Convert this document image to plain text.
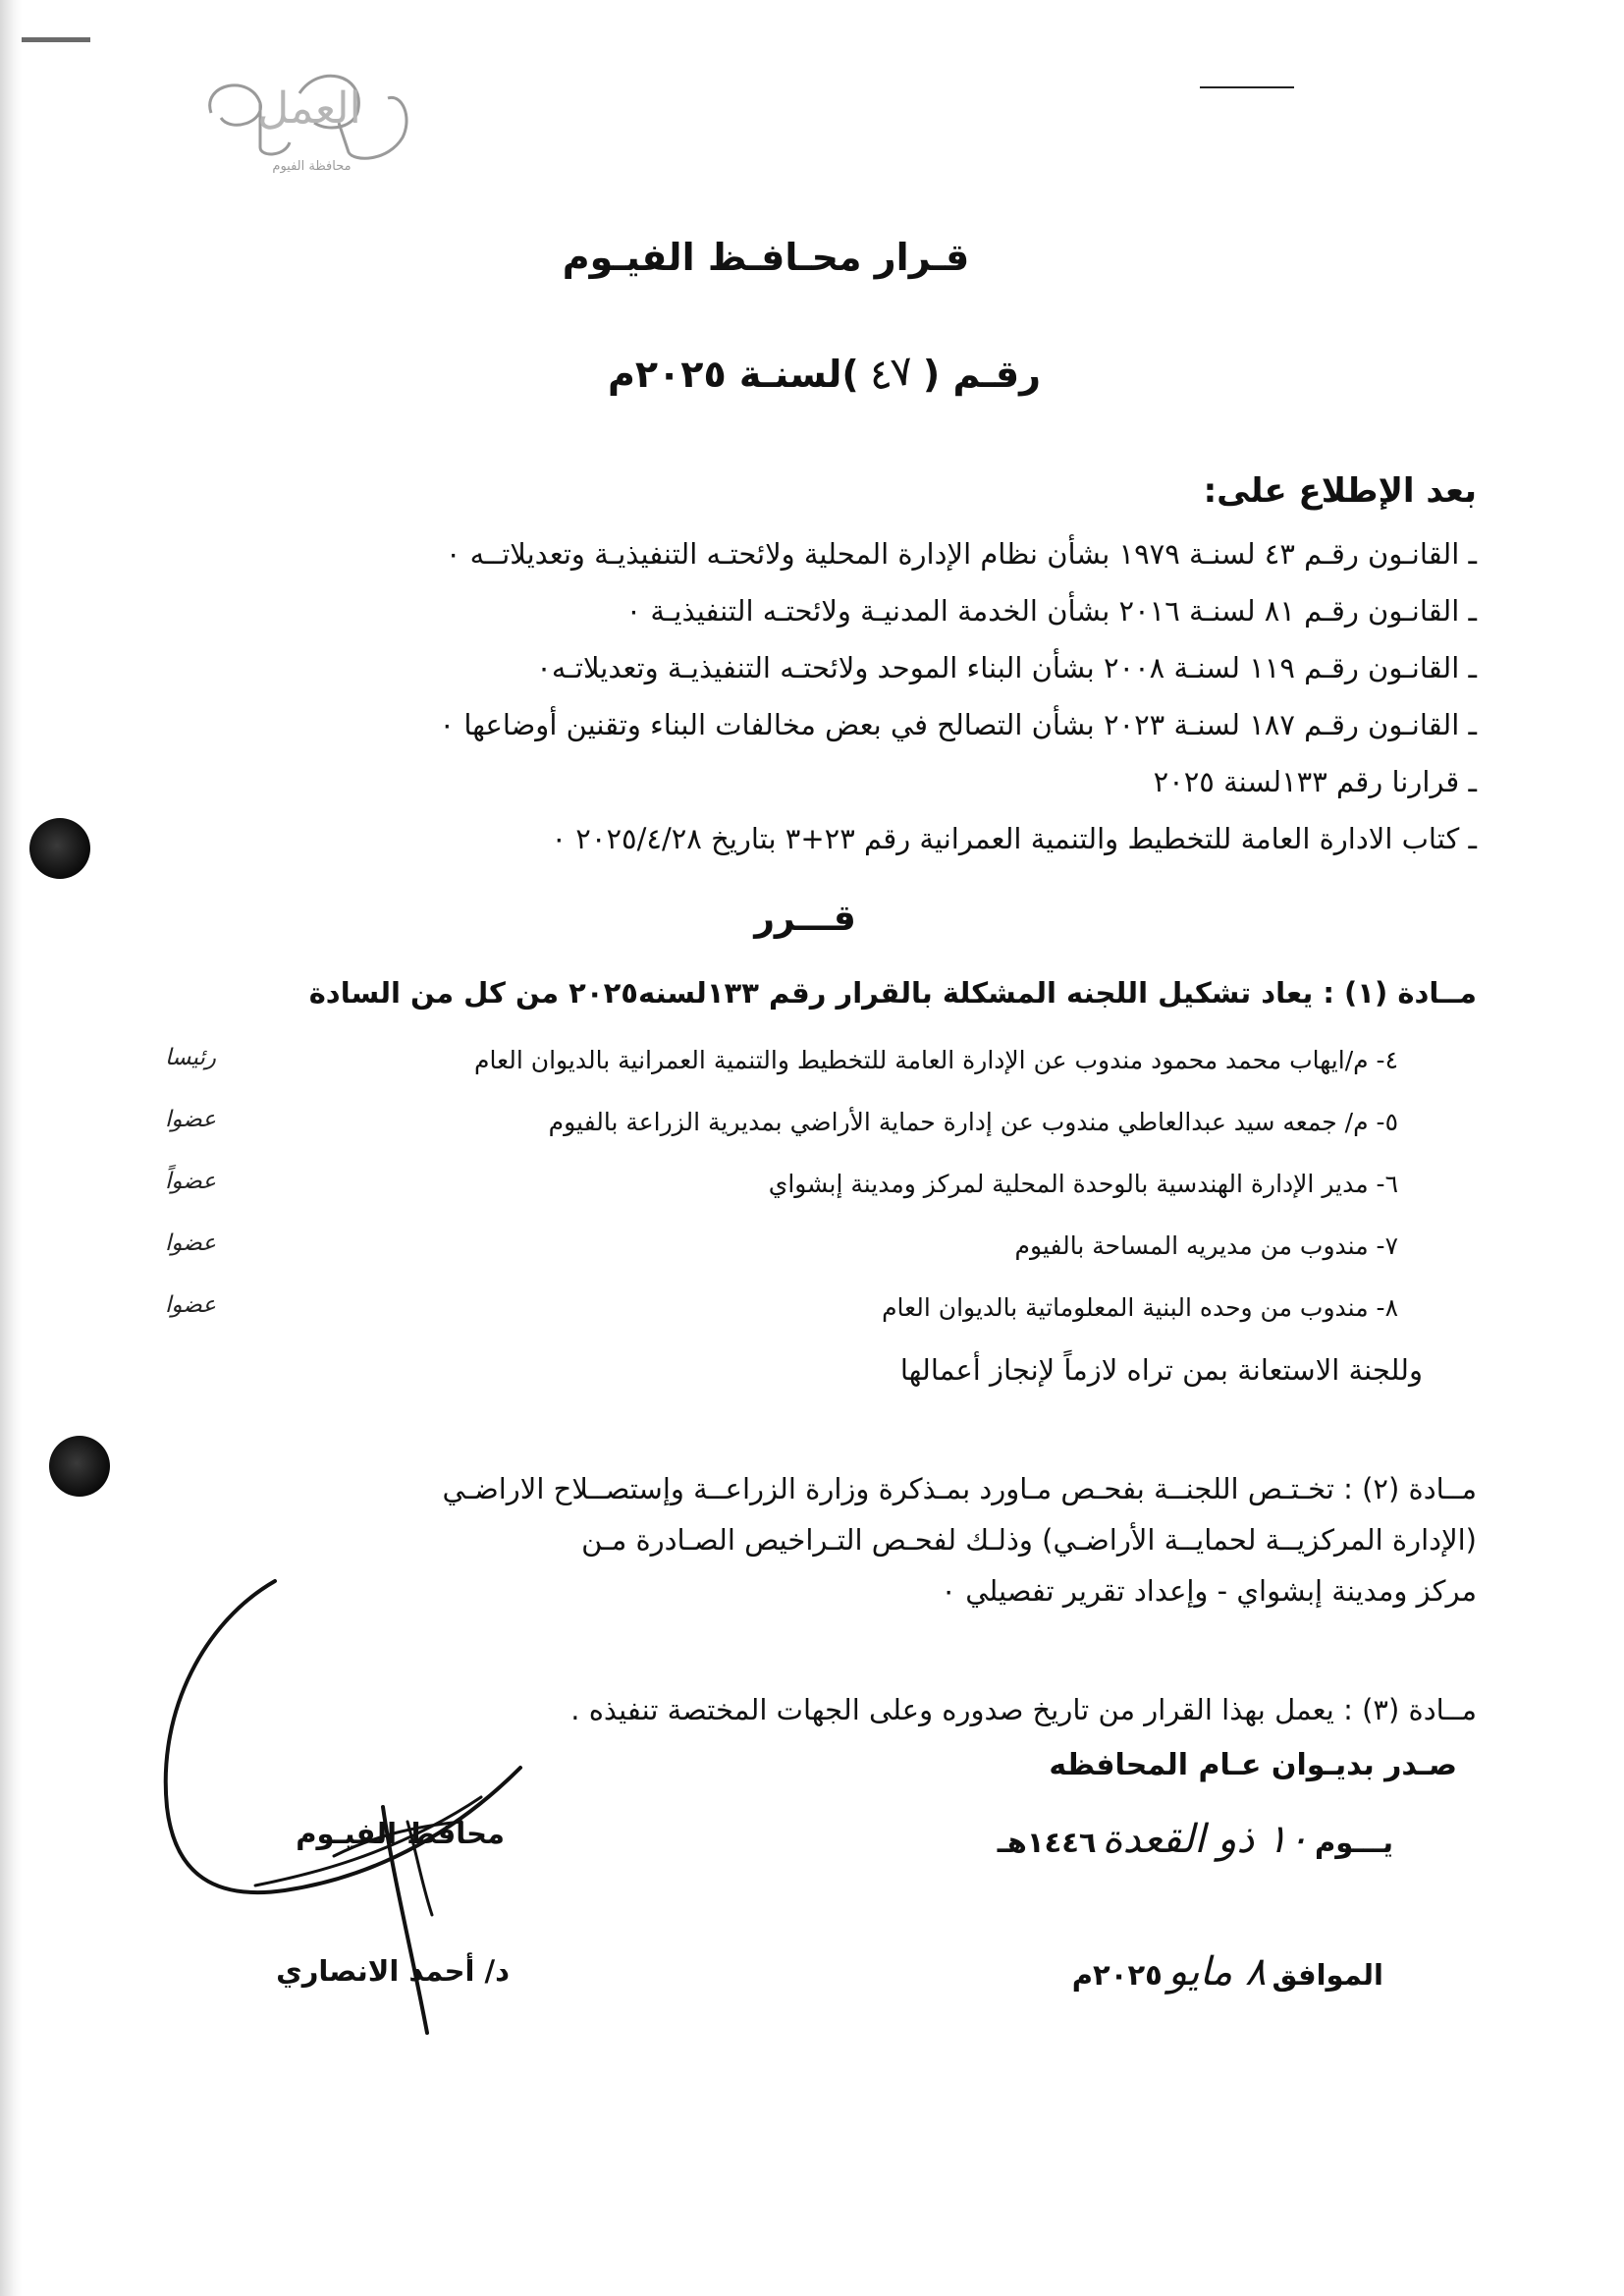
العمل
محافظة الفيوم
قـرار محـافـظ الفيـوم
رقـم (٤٧)لسنـة ٢٠٢٥م
بعد الإطلاع على:
ـ القانـون رقـم ٤٣ لسنـة ١٩٧٩ بشأن نظام الإدارة المحلية ولائحتـه التنفيذيـة وتعديلاتــه ٠
ـ القانـون رقـم ٨١ لسنـة ٢٠١٦ بشأن الخدمة المدنيـة ولائحتـه التنفيذيـة ٠
ـ القانـون رقـم ١١٩ لسنـة ٢٠٠٨ بشأن البناء الموحد ولائحتـه التنفيذيـة وتعديلاتـه٠
ـ القانـون رقـم ١٨٧ لسنـة ٢٠٢٣ بشأن التصالح في بعض مخالفات البناء وتقنين أوضاعها ٠
ـ قرارنا رقم ١٣٣لسنة ٢٠٢٥
ـ كتاب الادارة العامة للتخطيط والتنمية العمرانية رقم ٢٣+٣ بتاريخ ٢٠٢٥/٤/٢٨ ٠
قـــرر
مــادة (١) : يعاد تشكيل اللجنه المشكلة بالقرار رقم ١٣٣لسنه٢٠٢٥ من كل من السادة
٤- م/ايهاب محمد محمود مندوب عن الإدارة العامة للتخطيط والتنمية العمرانية بالديوان العام
رئيسا
٥- م/ جمعه سيد عبدالعاطي مندوب عن إدارة حماية الأراضي بمديرية الزراعة بالفيوم
عضوا
٦- مدير الإدارة الهندسية بالوحدة المحلية لمركز ومدينة إبشواي
عضواً
٧- مندوب من مديريه المساحة بالفيوم
عضوا
٨- مندوب من وحده البنية المعلوماتية بالديوان العام
عضوا
وللجنة الاستعانة بمن تراه لازماً لإنجاز أعمالها
مــادة (٢) : تخـتـص اللجنــة بفحـص مـاورد بمـذكرة وزارة الزراعــة وإستصــلاح الاراضـي
(الإدارة المركزيــة لحمايــة الأراضـي) وذلـك لفحـص التـراخيص الصـادرة مـن
مركز ومدينة إبشواي - وإعداد تقرير تفصيلي ٠
مــادة (٣) : يعمل بهذا القرار من تاريخ صدوره وعلى الجهات المختصة تنفيذه .
صـدر بديـوان عـام المحافظه
يـــوم١٠ ذو القعدة١٤٤٦هـ
الموافق٨ مايو٢٠٢٥م
محافظ الفيـوم
د/ أحمد الانصاري
